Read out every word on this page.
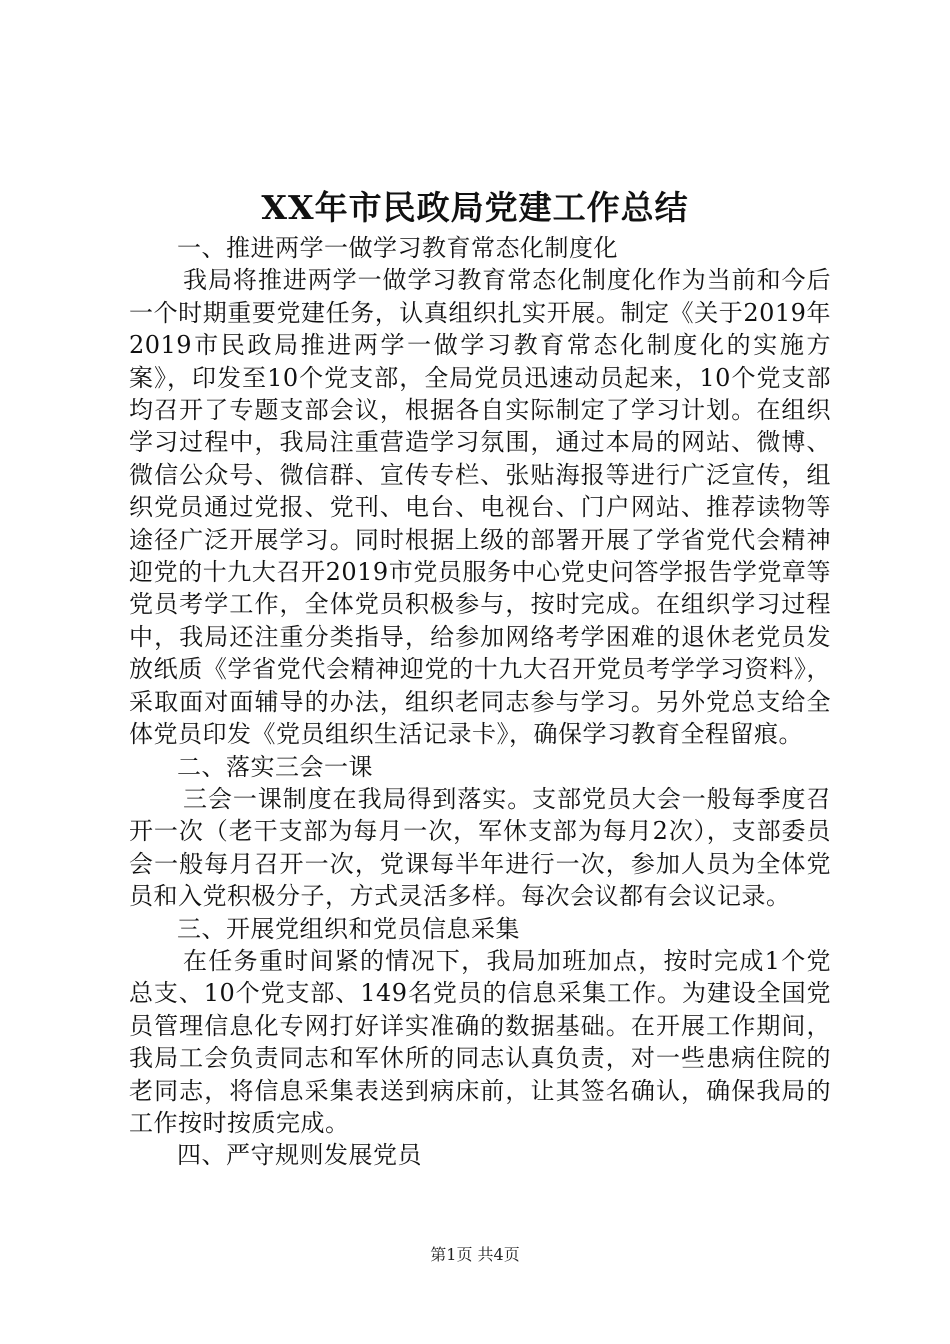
XX年市民政局党建工作总结

一、推进两学一做学习教育常态化制度化

我局将推进两学一做学习教育常态化制度化作为当前和今后一个时期重要党建任务，认真组织扎实开展。制定《关于2019年2019市民政局推进两学一做学习教育常态化制度化的实施方案》，印发至10个党支部，全局党员迅速动员起来，10个党支部均召开了专题支部会议，根据各自实际制定了学习计划。在组织学习过程中，我局注重营造学习氛围，通过本局的网站、微博、微信公众号、微信群、宣传专栏、张贴海报等进行广泛宣传，组织党员通过党报、党刊、电台、电视台、门户网站、推荐读物等途径广泛开展学习。同时根据上级的部署开展了学省党代会精神迎党的十九大召开2019市党员服务中心党史问答学报告学党章等党员考学工作，全体党员积极参与，按时完成。在组织学习过程中，我局还注重分类指导，给参加网络考学困难的退休老党员发放纸质《学省党代会精神迎党的十九大召开党员考学学习资料》，采取面对面辅导的办法，组织老同志参与学习。另外党总支给全体党员印发《党员组织生活记录卡》，确保学习教育全程留痕。

二、落实三会一课

三会一课制度在我局得到落实。支部党员大会一般每季度召开一次（老干支部为每月一次，军休支部为每月2次），支部委员会一般每月召开一次，党课每半年进行一次，参加人员为全体党员和入党积极分子，方式灵活多样。每次会议都有会议记录。

三、开展党组织和党员信息采集

在任务重时间紧的情况下，我局加班加点，按时完成1个党总支、10个党支部、149名党员的信息采集工作。为建设全国党员管理信息化专网打好详实准确的数据基础。在开展工作期间，我局工会负责同志和军休所的同志认真负责，对一些患病住院的老同志，将信息采集表送到病床前，让其签名确认，确保我局的工作按时按质完成。

四、严守规则发展党员

第1页 共4页
